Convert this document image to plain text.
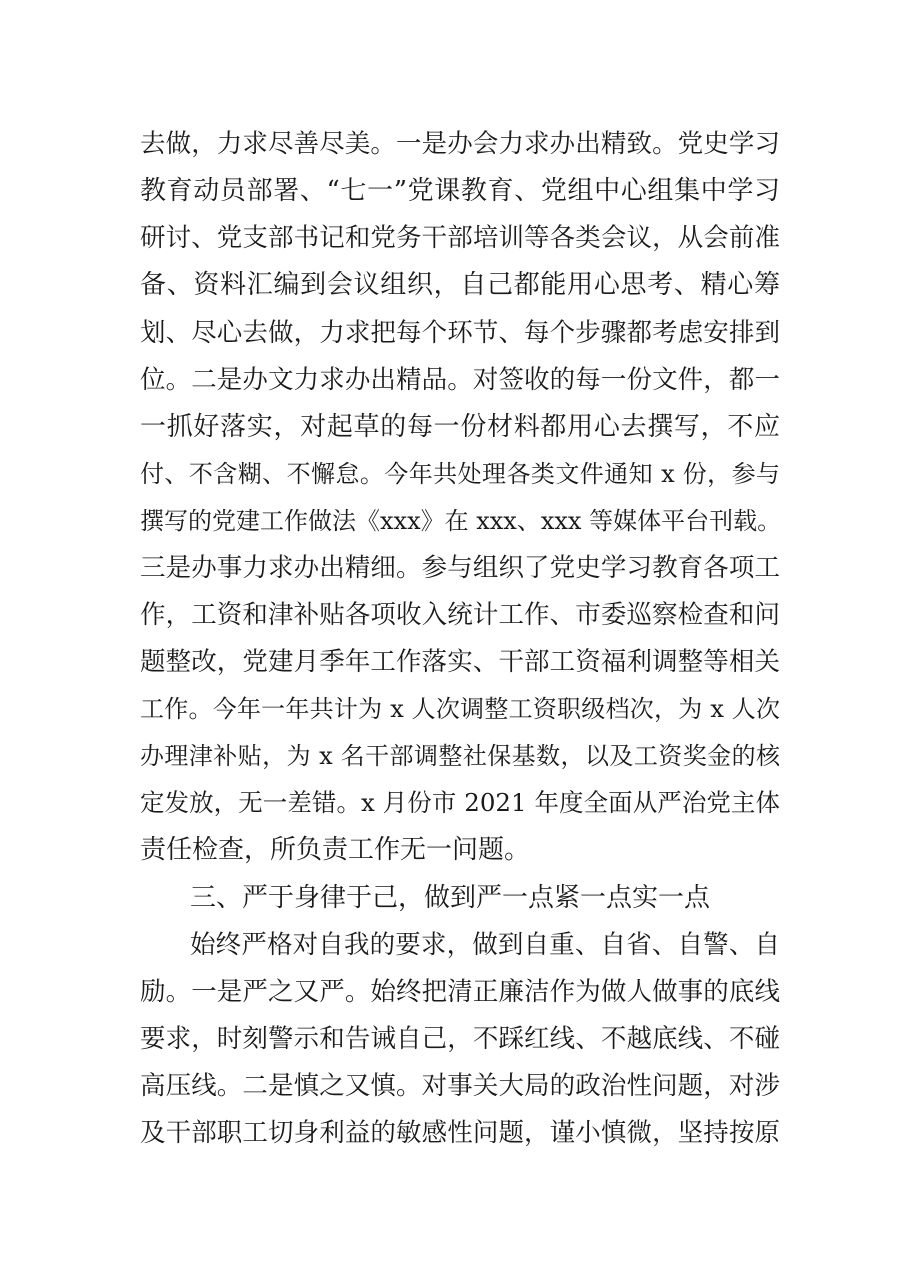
去做，力求尽善尽美。一是办会力求办出精致。党史学习
教育动员部署、“七一”党课教育、党组中心组集中学习
研讨、党支部书记和党务干部培训等各类会议，从会前准
备、资料汇编到会议组织，自己都能用心思考、精心筹
划、尽心去做，力求把每个环节、每个步骤都考虑安排到
位。二是办文力求办出精品。对签收的每一份文件，都一
一抓好落实，对起草的每一份材料都用心去撰写，不应
付、不含糊、不懈怠。今年共处理各类文件通知 x 份，参与
撰写的党建工作做法《xxx》在 xxx、xxx 等媒体平台刊载。
三是办事力求办出精细。参与组织了党史学习教育各项工
作，工资和津补贴各项收入统计工作、市委巡察检查和问
题整改，党建月季年工作落实、干部工资福利调整等相关
工作。今年一年共计为 x 人次调整工资职级档次，为 x 人次
办理津补贴，为 x 名干部调整社保基数，以及工资奖金的核
定发放，无一差错。x 月份市 2021 年度全面从严治党主体
责任检查，所负责工作无一问题。
三、严于身律于己，做到严一点紧一点实一点
始终严格对自我的要求，做到自重、自省、自警、自
励。一是严之又严。始终把清正廉洁作为做人做事的底线
要求，时刻警示和告诫自己，不踩红线、不越底线、不碰
高压线。二是慎之又慎。对事关大局的政治性问题，对涉
及干部职工切身利益的敏感性问题，谨小慎微，坚持按原
